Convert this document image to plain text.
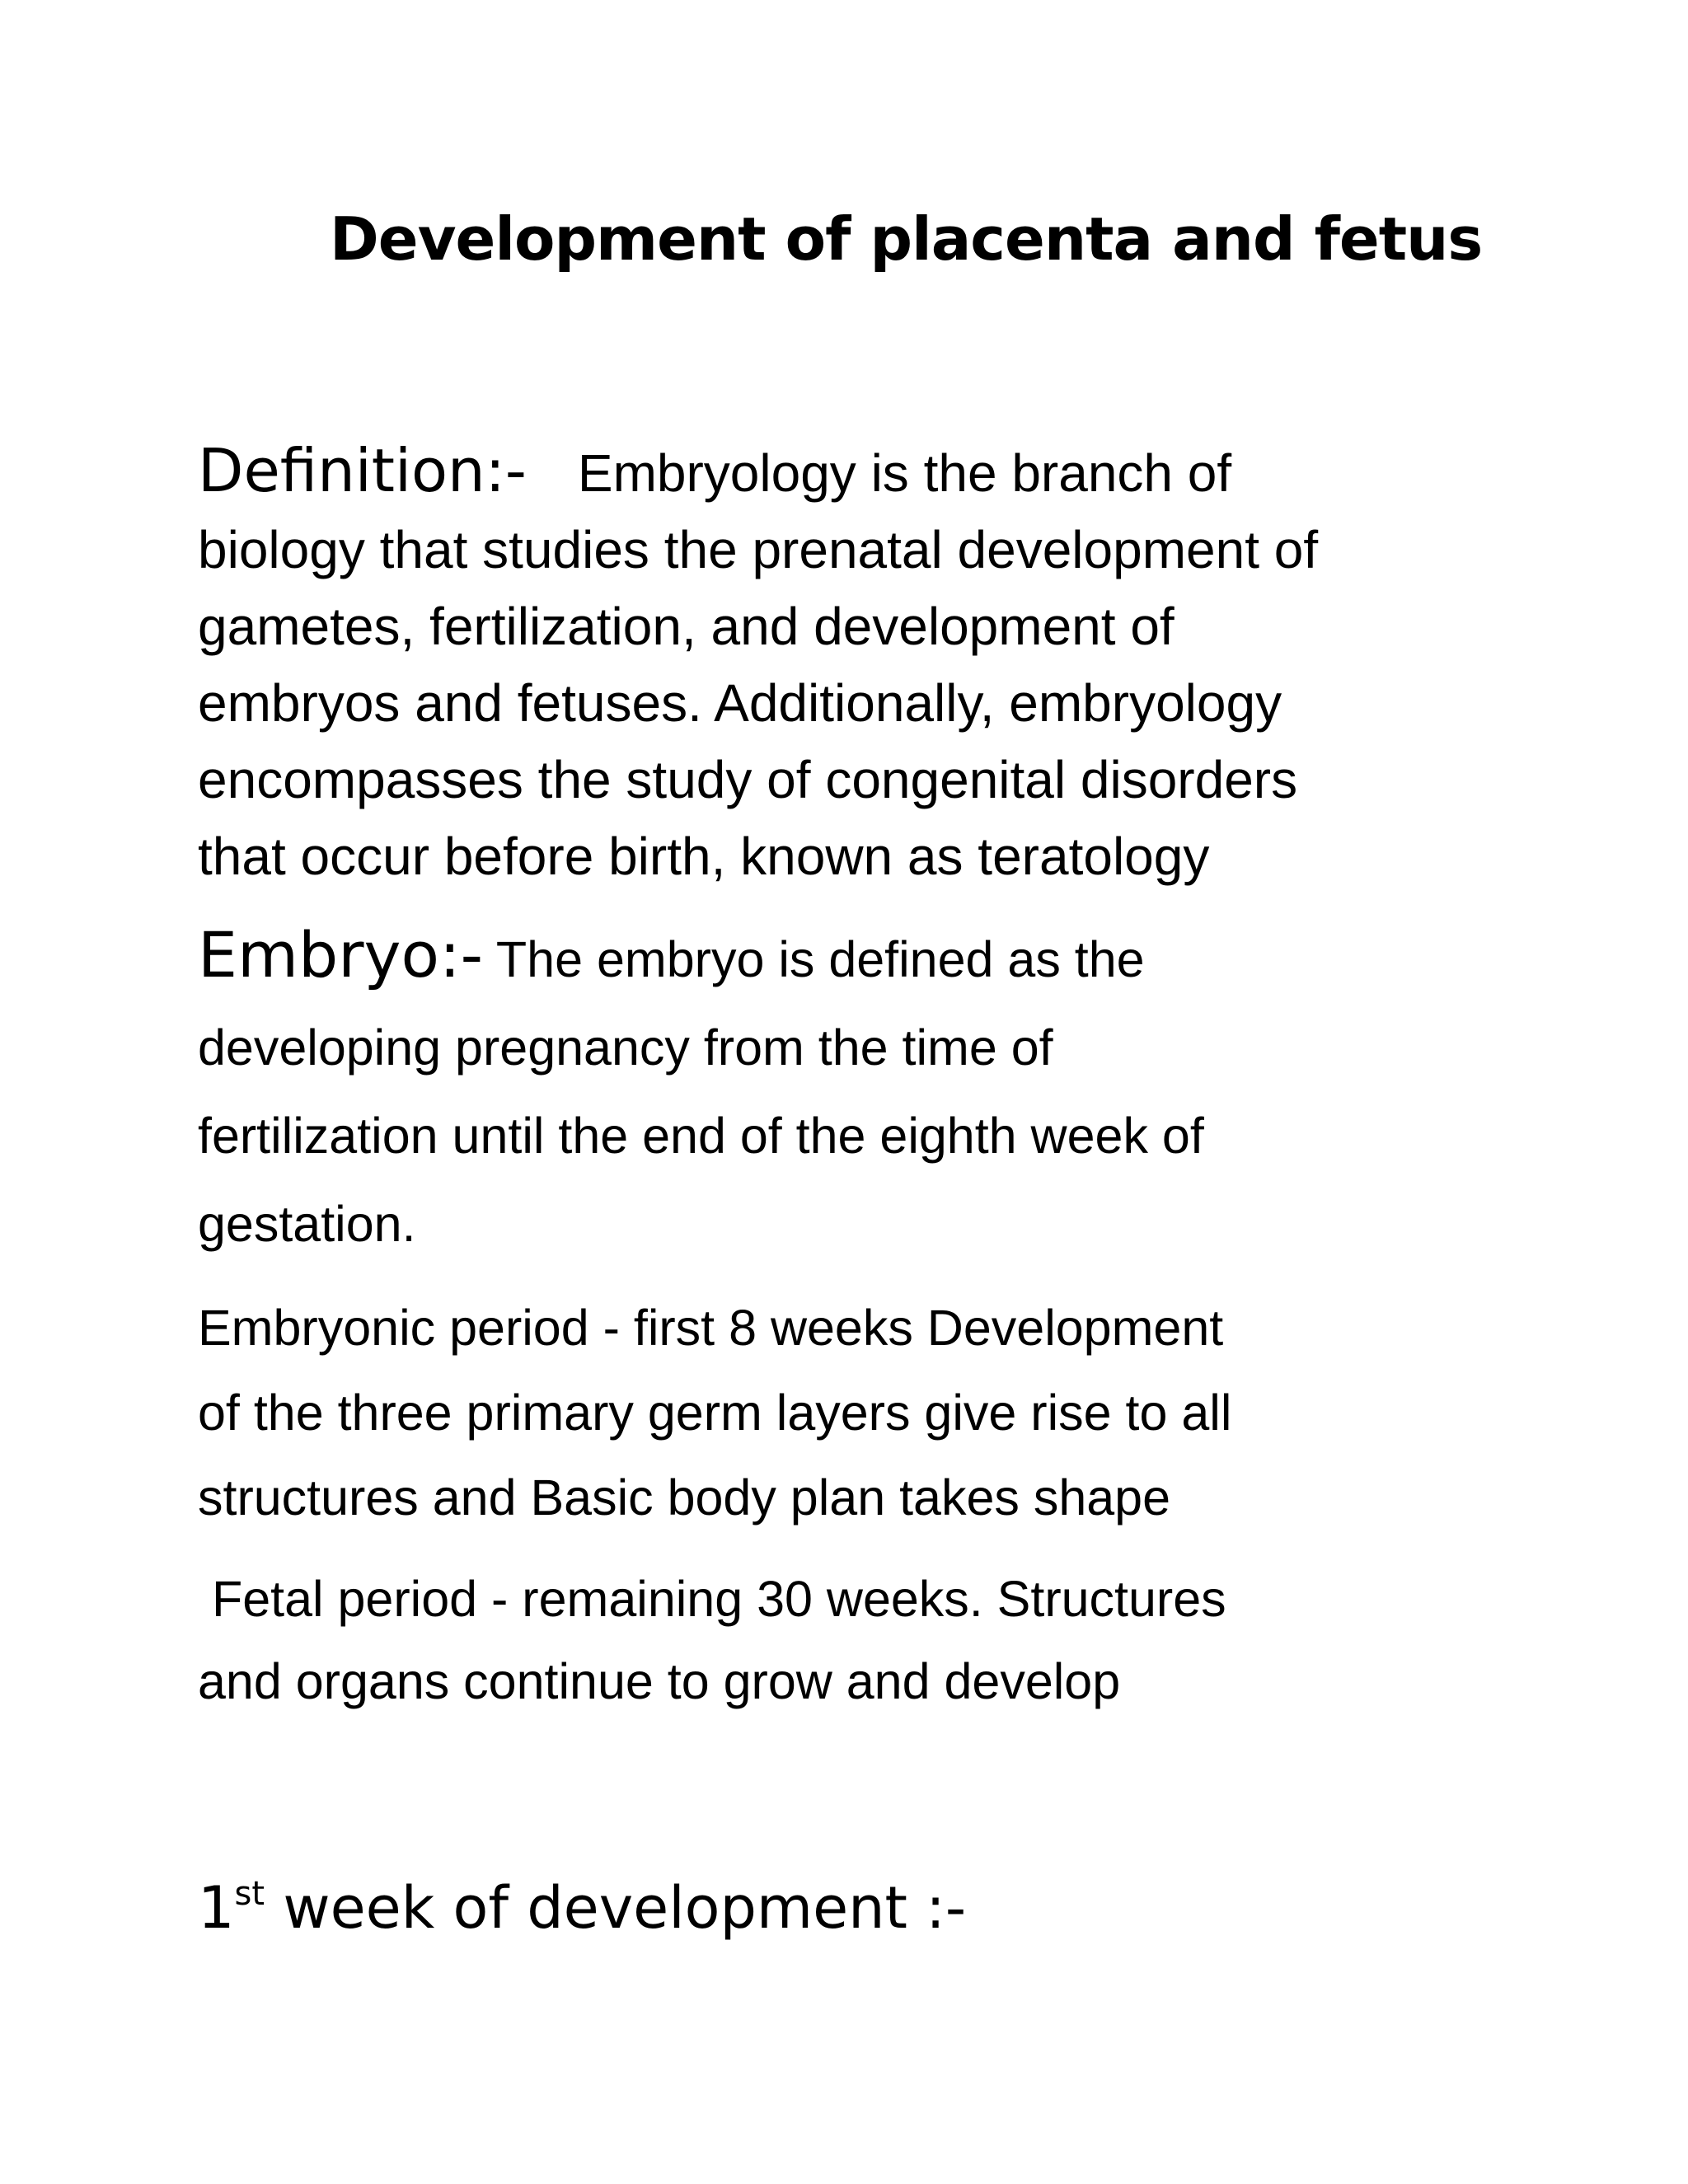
Development of placenta and fetus
Definition:- Embryology is the branch of
biology that studies the prenatal development of
gametes, fertilization, and development of
embryos and fetuses. Additionally, embryology
encompasses the study of congenital disorders
that occur before birth, known as teratology
Embryo:- The embryo is defined as the
developing pregnancy from the time of
fertilization until the end of the eighth week of
gestation.
Embryonic period - first 8 weeks Development
of the three primary germ layers give rise to all
structures and Basic body plan takes shape
Fetal period - remaining 30 weeks. Structures
and organs continue to grow and develop
1st week of development :-
